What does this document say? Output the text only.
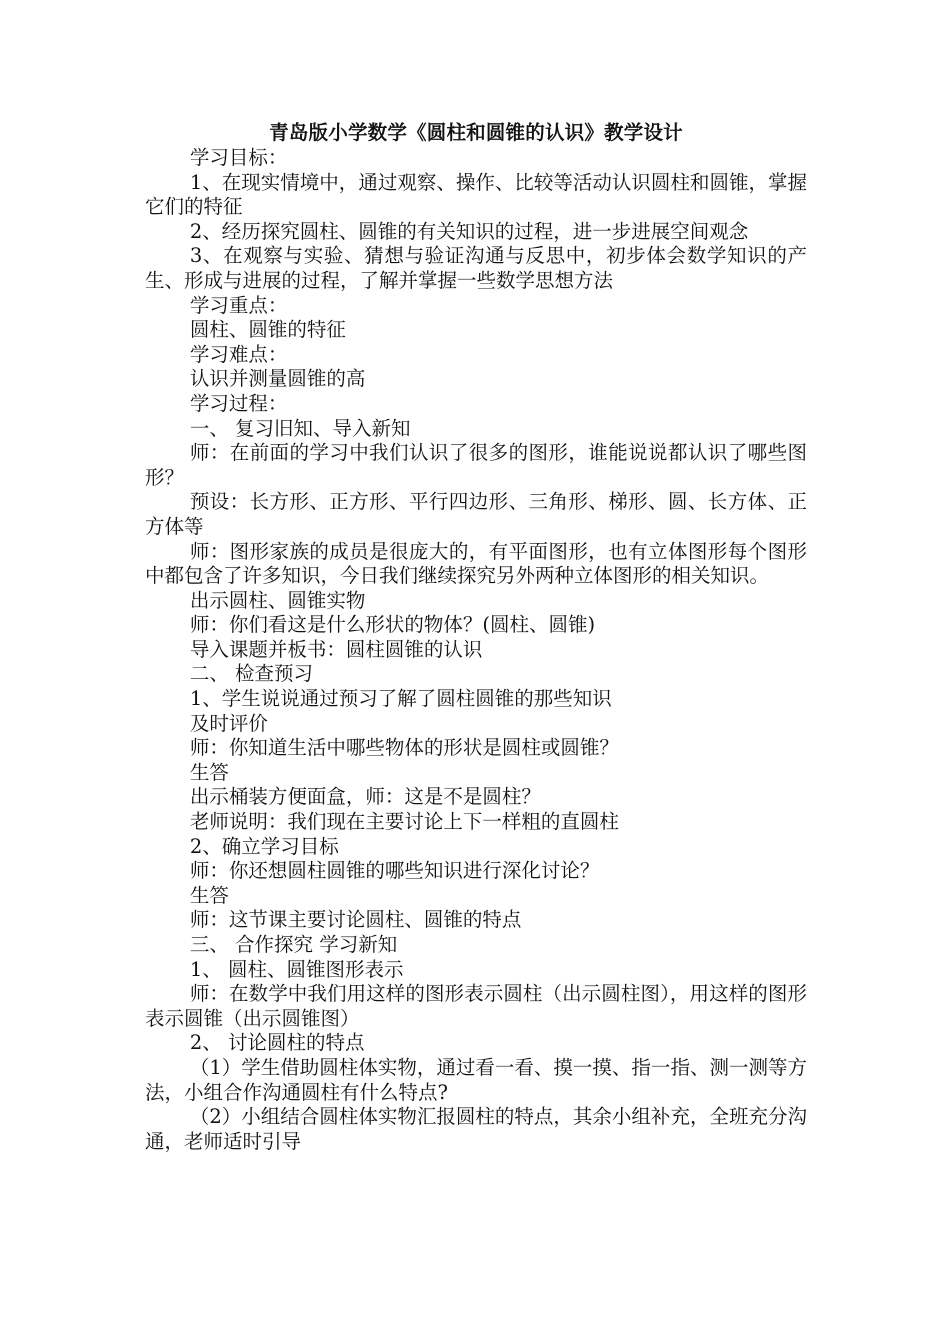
青岛版小学数学《圆柱和圆锥的认识》教学设计

学习目标：

1、在现实情境中，通过观察、操作、比较等活动认识圆柱和圆锥，掌握它们的特征

2、经历探究圆柱、圆锥的有关知识的过程，进一步进展空间观念

3、在观察与实验、猜想与验证沟通与反思中，初步体会数学知识的产生、形成与进展的过程，了解并掌握一些数学思想方法

学习重点：

圆柱、圆锥的特征

学习难点：

认识并测量圆锥的高

学习过程：

一、 复习旧知、导入新知

师：在前面的学习中我们认识了很多的图形，谁能说说都认识了哪些图形？

预设：长方形、正方形、平行四边形、三角形、梯形、圆、长方体、正方体等

师：图形家族的成员是很庞大的，有平面图形，也有立体图形每个图形中都包含了许多知识，今日我们继续探究另外两种立体图形的相关知识。

出示圆柱、圆锥实物

师：你们看这是什么形状的物体？(圆柱、圆锥)

导入课题并板书：圆柱圆锥的认识

二、 检查预习

1、学生说说通过预习了解了圆柱圆锥的那些知识

及时评价

师：你知道生活中哪些物体的形状是圆柱或圆锥？

生答

出示桶装方便面盒，师：这是不是圆柱？

老师说明：我们现在主要讨论上下一样粗的直圆柱

2、确立学习目标

师：你还想圆柱圆锥的哪些知识进行深化讨论？

生答

师：这节课主要讨论圆柱、圆锥的特点

三、 合作探究 学习新知

1、 圆柱、圆锥图形表示

师：在数学中我们用这样的图形表示圆柱（出示圆柱图），用这样的图形表示圆锥（出示圆锥图）

2、 讨论圆柱的特点

（1）学生借助圆柱体实物，通过看一看、摸一摸、指一指、测一测等方法，小组合作沟通圆柱有什么特点?

（2）小组结合圆柱体实物汇报圆柱的特点，其余小组补充，全班充分沟通，老师适时引导
